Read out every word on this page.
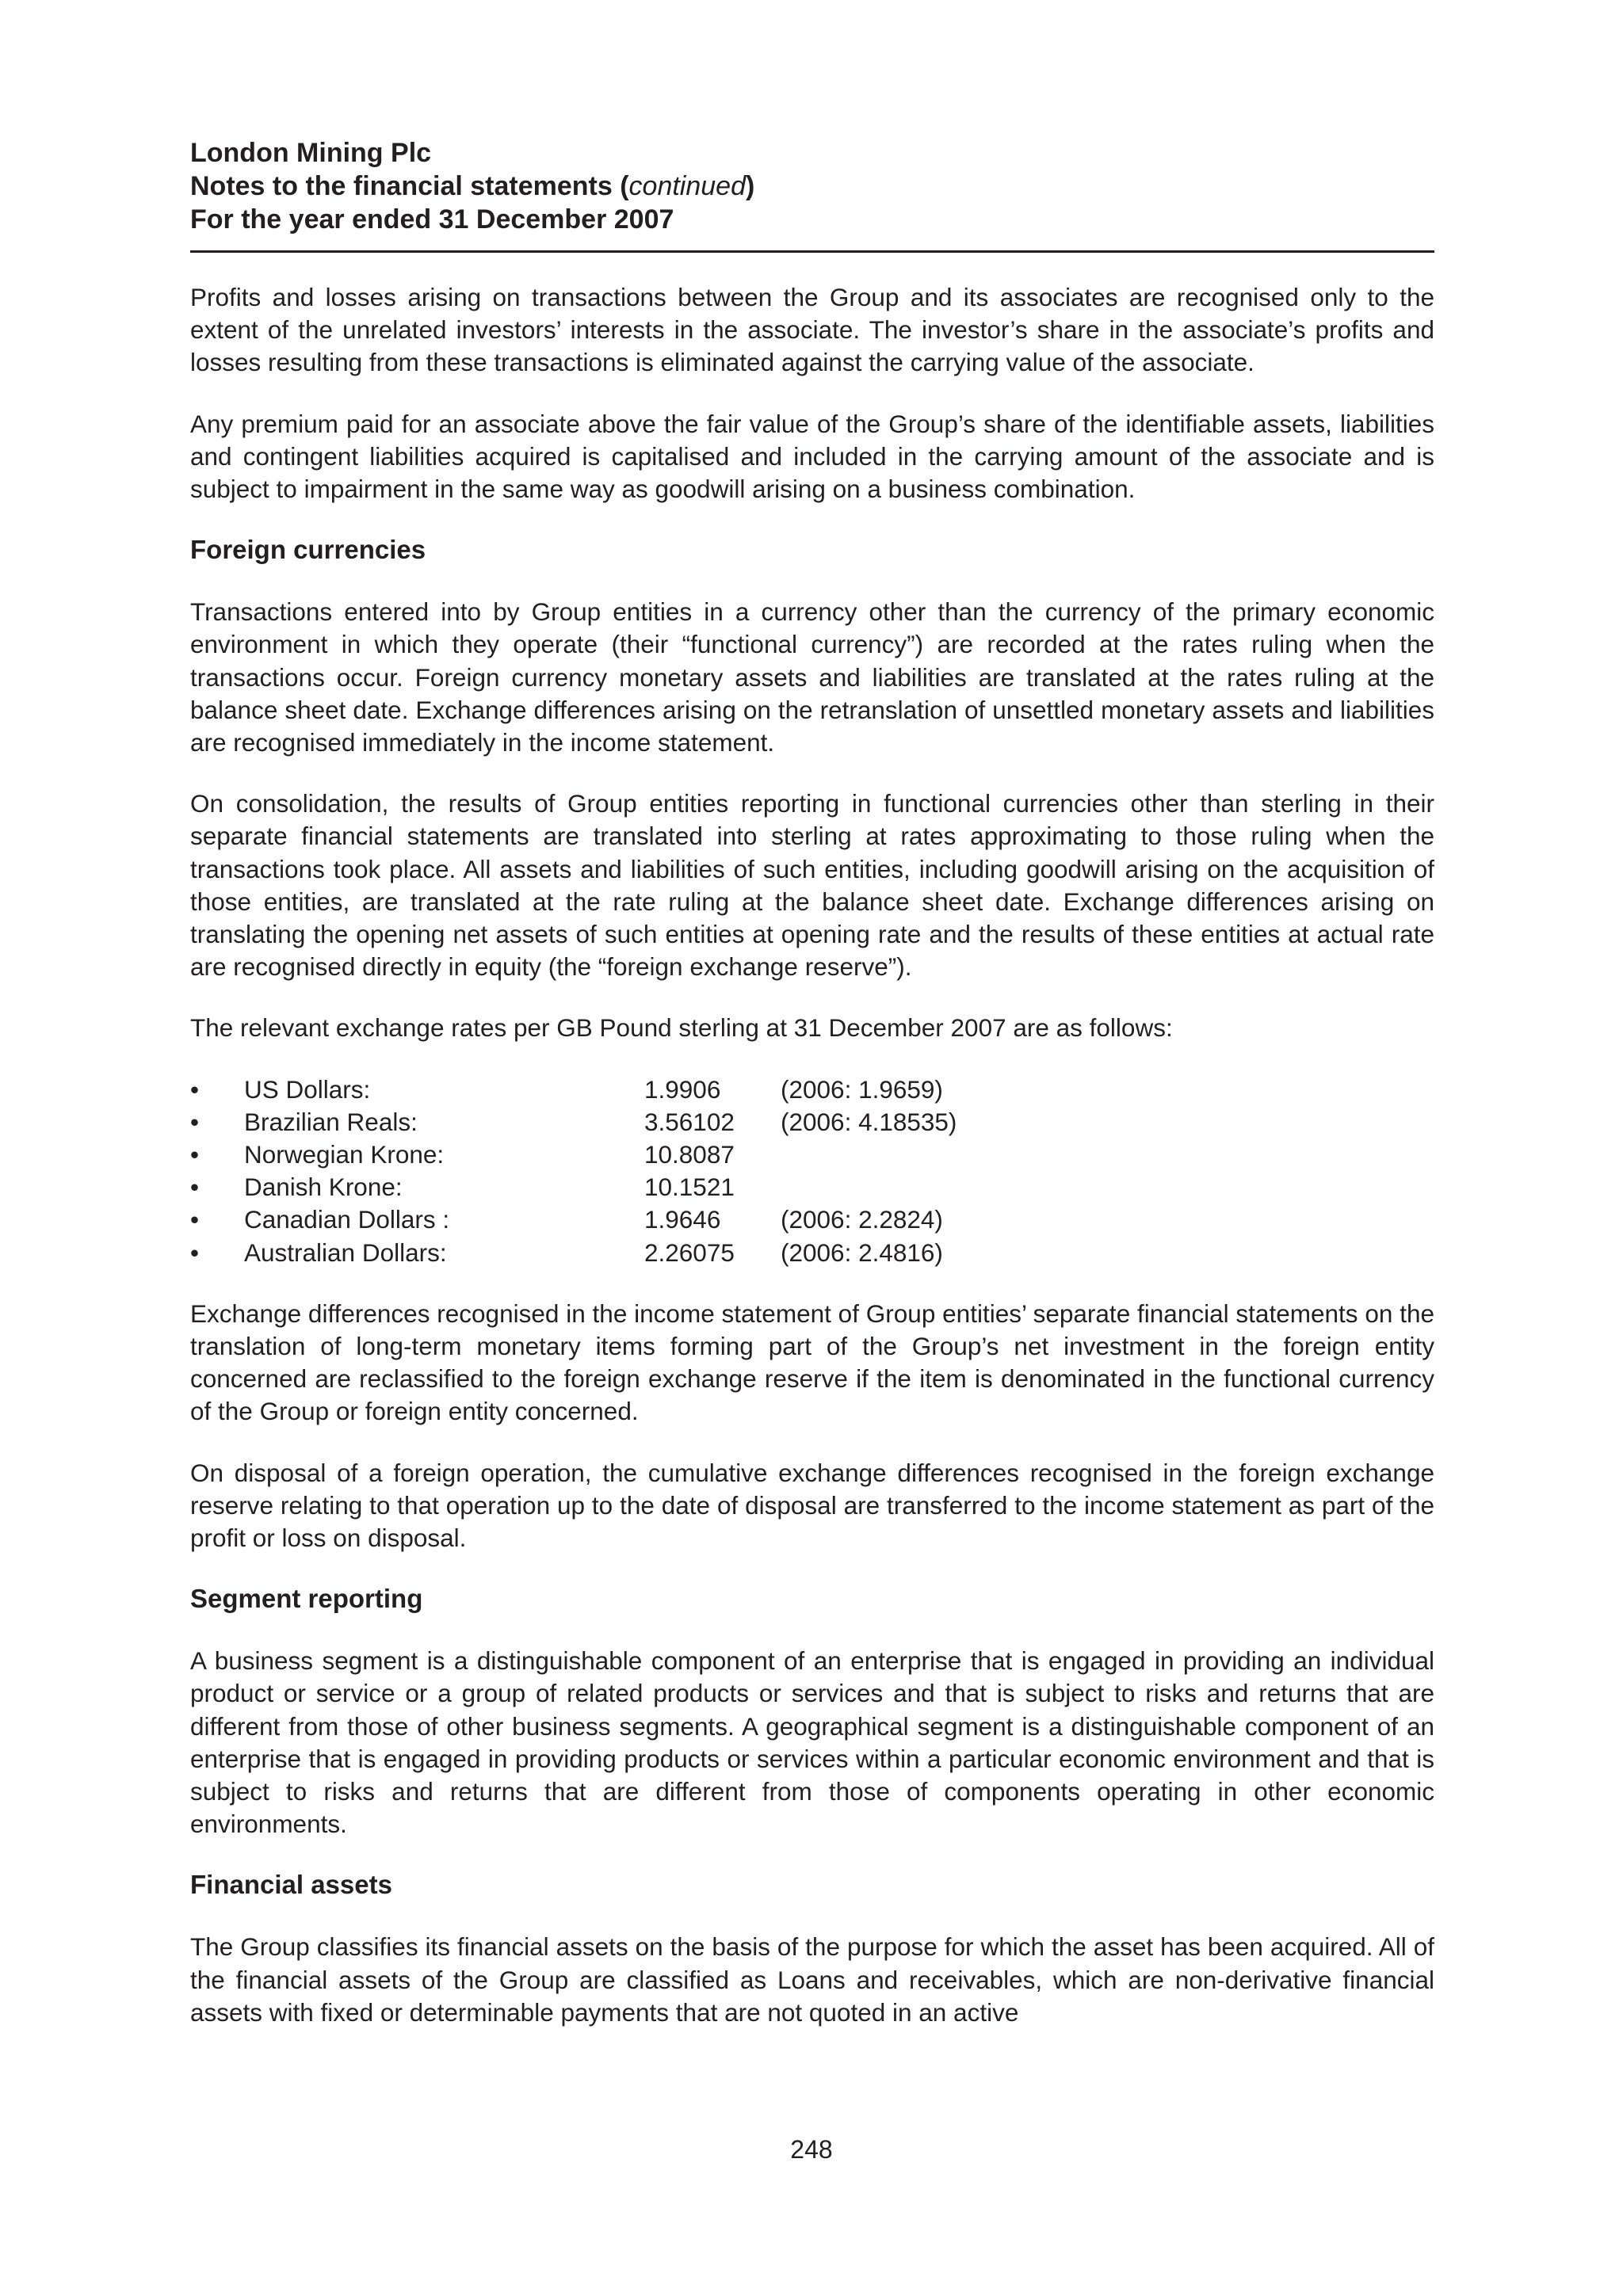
London Mining Plc

Notes to the financial statements (continued)

For the year ended 31 December 2007

Profits and losses arising on transactions between the Group and its associates are recognised only to the extent of the unrelated investors’ interests in the associate. The investor’s share in the associate’s profits and losses resulting from these transactions is eliminated against the carrying value of the associate.

Any premium paid for an associate above the fair value of the Group’s share of the identifiable assets, liabilities and contingent liabilities acquired is capitalised and included in the carrying amount of the associate and is subject to impairment in the same way as goodwill arising on a business combination.

Foreign currencies

Transactions entered into by Group entities in a currency other than the currency of the primary economic environment in which they operate (their “functional currency”) are recorded at the rates ruling when the transactions occur. Foreign currency monetary assets and liabilities are translated at the rates ruling at the balance sheet date. Exchange differences arising on the retranslation of unsettled monetary assets and liabilities are recognised immediately in the income statement.

On consolidation, the results of Group entities reporting in functional currencies other than sterling in their separate financial statements are translated into sterling at rates approximating to those ruling when the transactions took place. All assets and liabilities of such entities, including goodwill arising on the acquisition of those entities, are translated at the rate ruling at the balance sheet date. Exchange differences arising on translating the opening net assets of such entities at opening rate and the results of these entities at actual rate are recognised directly in equity (the “foreign exchange reserve”).

The relevant exchange rates per GB Pound sterling at 31 December 2007 are as follows:

•	US Dollars:	1.9906 (2006: 1.9659)
•	Brazilian Reals:	3.56102 (2006: 4.18535)
•	Norwegian Krone:	10.8087
•	Danish Krone:	10.1521
•	Canadian Dollars :	1.9646 (2006: 2.2824)
•	Australian Dollars:	2.26075 (2006: 2.4816)

Exchange differences recognised in the income statement of Group entities’ separate financial statements on the translation of long-term monetary items forming part of the Group’s net investment in the foreign entity concerned are reclassified to the foreign exchange reserve if the item is denominated in the functional currency of the Group or foreign entity concerned.

On disposal of a foreign operation, the cumulative exchange differences recognised in the foreign exchange reserve relating to that operation up to the date of disposal are transferred to the income statement as part of the profit or loss on disposal.

Segment reporting

A business segment is a distinguishable component of an enterprise that is engaged in providing an individual product or service or a group of related products or services and that is subject to risks and returns that are different from those of other business segments. A geographical segment is a distinguishable component of an enterprise that is engaged in providing products or services within a particular economic environment and that is subject to risks and returns that are different from those of components operating in other economic environments.

Financial assets

The Group classifies its financial assets on the basis of the purpose for which the asset has been acquired. All of the financial assets of the Group are classified as Loans and receivables, which are non-derivative financial assets with fixed or determinable payments that are not quoted in an active

248
